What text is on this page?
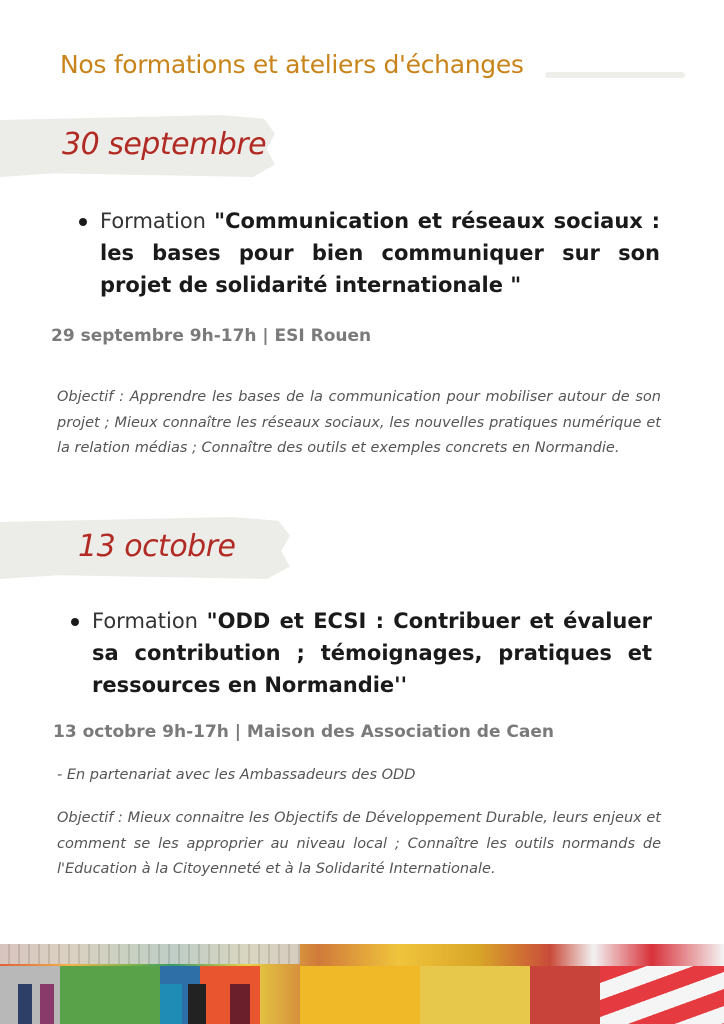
Nos formations et ateliers d'échanges
30 septembre

Formation "Communication et réseaux sociaux : les bases pour bien communiquer sur son projet de solidarité internationale "

29 septembre 9h-17h | ESI Rouen

Objectif : Apprendre les bases de la communication pour mobiliser autour de son projet ; Mieux connaître les réseaux sociaux, les nouvelles pratiques numérique et la relation médias ; Connaître des outils et exemples concrets en Normandie.

13 octobre

Formation "ODD et ECSI : Contribuer et évaluer sa contribution ; témoignages, pratiques et ressources en Normandie''

13 octobre 9h-17h | Maison des Association de Caen
- En partenariat avec les Ambassadeurs des ODD

Objectif : Mieux connaitre les Objectifs de Développement Durable, leurs enjeux et comment se les approprier au niveau local ; Connaître les outils normands de l'Education à la Citoyenneté et à la Solidarité Internationale.
